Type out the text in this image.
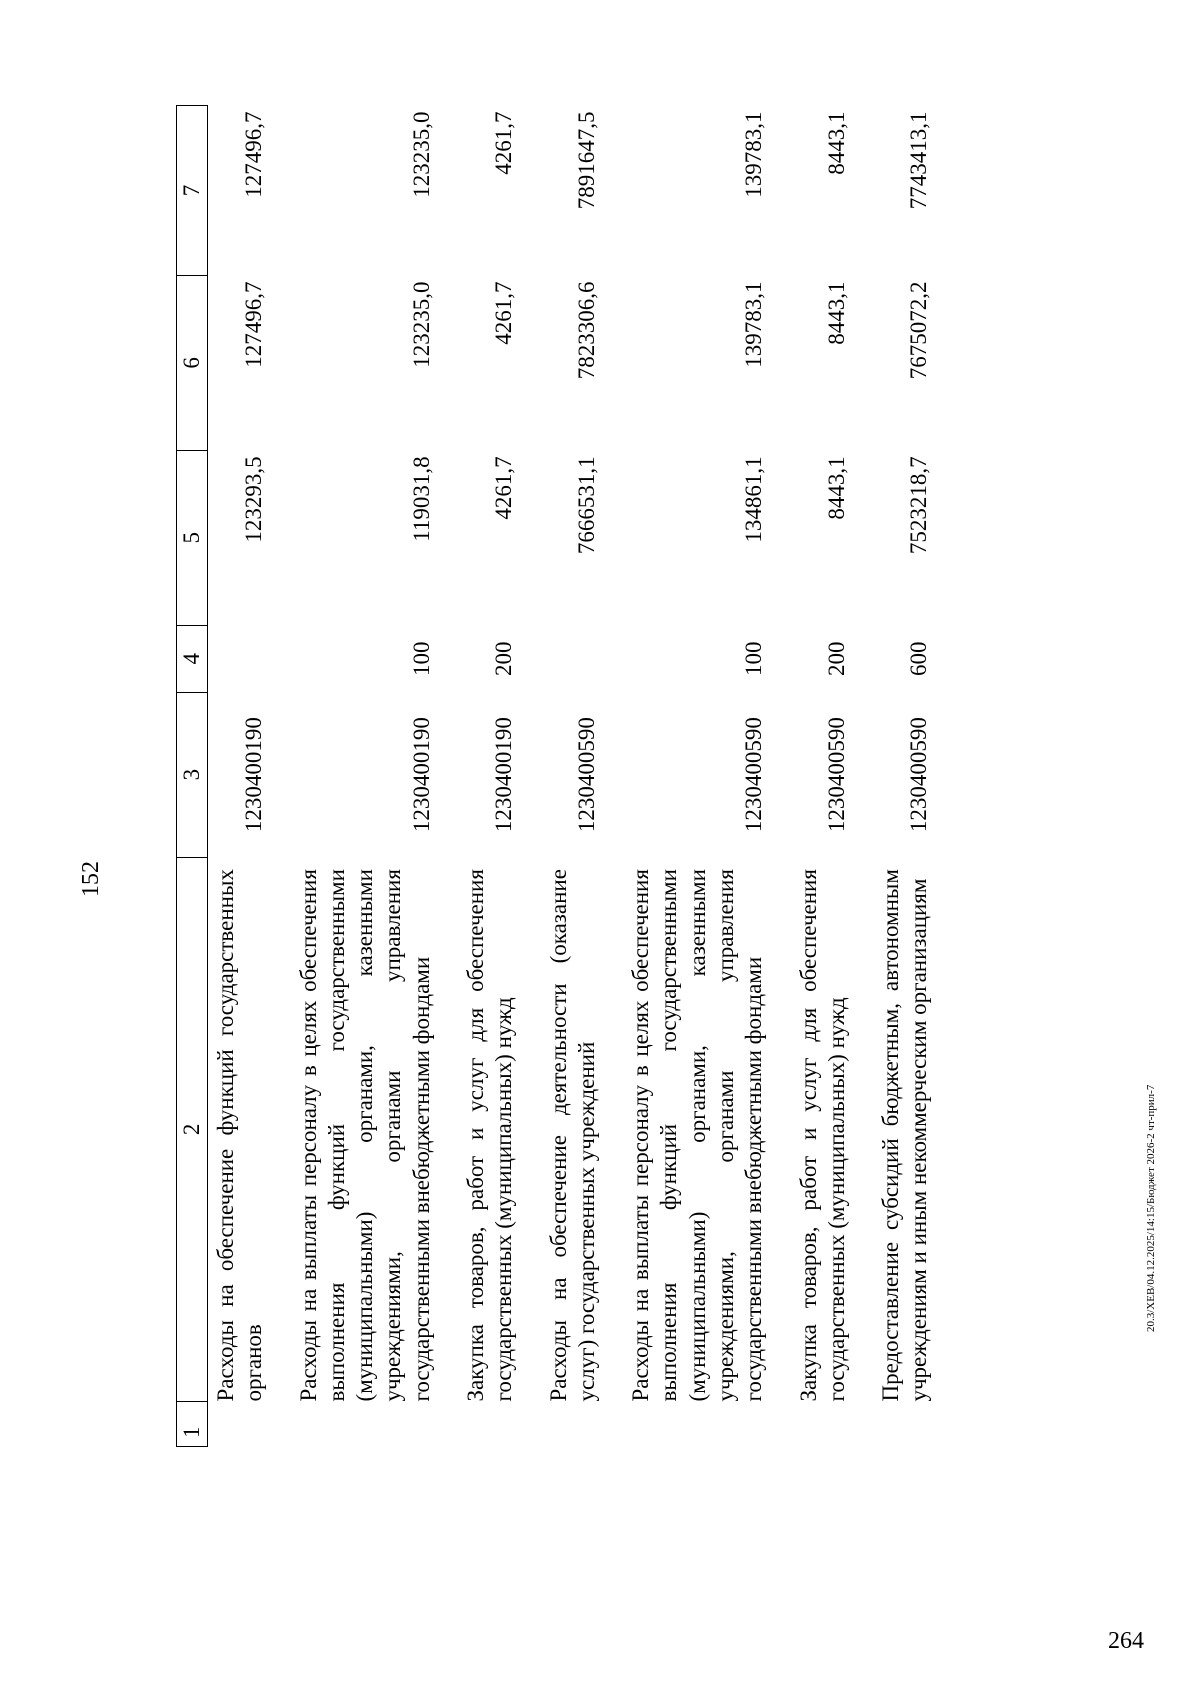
152
1	2	3	4	5	6	7
	Расходы на обеспечение функций государственных органов	1230400190		123293,5	127496,7	127496,7
	Расходы на выплаты персоналу в целях обеспечения выполнения функций государственными (муниципальными) органами, казенными учреждениями, органами управления государственными внебюджетными фондами	1230400190	100	119031,8	123235,0	123235,0
	Закупка товаров, работ и услуг для обеспечения государственных (муниципальных) нужд	1230400190	200	4261,7	4261,7	4261,7
	Расходы на обеспечение деятельности (оказание услуг) государственных учреждений	1230400590		7666531,1	7823306,6	7891647,5
	Расходы на выплаты персоналу в целях обеспечения выполнения функций государственными (муниципальными) органами, казенными учреждениями, органами управления государственными внебюджетными фондами	1230400590	100	134861,1	139783,1	139783,1
	Закупка товаров, работ и услуг для обеспечения государственных (муниципальных) нужд	1230400590	200	8443,1	8443,1	8443,1
	Предоставление субсидий бюджетным, автономным учреждениям и иным некоммерческим организациям	1230400590	600	7523218,7	7675072,2	7743413,1
20.3/ХЕВ/04.12.2025/14:15/Бюджет 2026-2 чт-прил-7
264
